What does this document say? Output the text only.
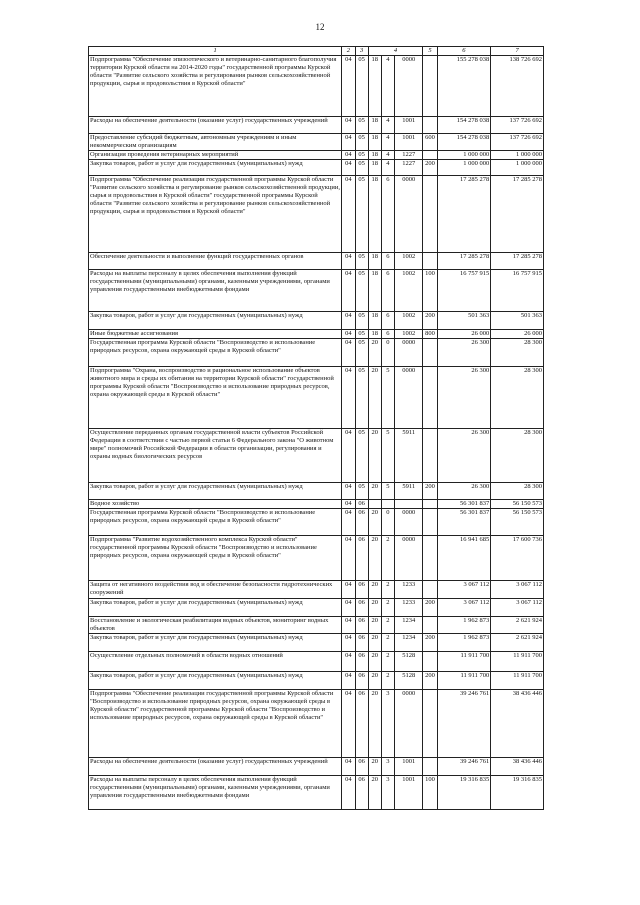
12
1	2	3	4			5	6	7
Подпрограмма "Обеспечение эпизоотического и ветеринарно-санитарного благополучия территории Курской области на 2014-2020 годы" государственной программы Курской области "Развитие сельского хозяйства и регулирования рынков сельскохозяйственной продукции, сырья и продовольствия в Курской области"	04	05	18	4	0000		155 278 038	138 726 692
Расходы на обеспечение деятельности (оказание услуг) государственных учреждений	04	05	18	4	1001		154 278 038	137 726 692
Предоставление субсидий бюджетным, автономным учреждениям и иным некоммерческим организациям	04	05	18	4	1001	600	154 278 038	137 726 692
Организация проведения ветеринарных мероприятий	04	05	18	4	1227		1 000 000	1 000 000
Закупка товаров, работ и услуг для государственных (муниципальных) нужд	04	05	18	4	1227	200	1 000 000	1 000 000
Подпрограмма "Обеспечение реализации государственной программы Курской области "Развитие сельского хозяйства и регулирование рынков сельскохозяйственной продукции, сырья и продовольствия в Курской области" государственной программы Курской области "Развитие сельского хозяйства и регулирование рынков сельскохозяйственной продукции, сырья и продовольствия в Курской области"	04	05	18	6	0000		17 285 278	17 285 278
Обеспечение деятельности и выполнение функций государственных органов	04	05	18	6	1002		17 285 278	17 285 278
Расходы на выплаты персоналу в целях обеспечения выполнения функций государственными (муниципальными) органами, казенными учреждениями, органами управления государственными внебюджетными фондами	04	05	18	6	1002	100	16 757 915	16 757 915
Закупка товаров, работ и услуг для государственных (муниципальных) нужд	04	05	18	6	1002	200	501 363	501 363
Иные бюджетные ассигнования	04	05	18	6	1002	800	26 000	26 000
Государственная программа Курской области "Воспроизводство и использование природных ресурсов, охрана окружающей среды в Курской области"	04	05	20	0	0000		26 300	28 300
Подпрограмма "Охрана, воспроизводство и рациональное использование объектов животного мира и среды их обитания на территории Курской области" государственной программы Курской области "Воспроизводство и использование природных ресурсов, охрана окружающей среды в Курской области"	04	05	20	5	0000		26 300	28 300
Осуществление переданных органам государственной власти субъектов Российской Федерации в соответствии с частью первой статьи 6 Федерального закона "О животном мире" полномочий Российской Федерации в области организации, регулирования и охраны водных биологических ресурсов	04	05	20	5	5911		26 300	28 300
Закупка товаров, работ и услуг для государственных (муниципальных) нужд	04	05	20	5	5911	200	26 300	28 300
Водное хозяйство	04	06					56 301 837	56 150 573
Государственная программа Курской области "Воспроизводство и использование природных ресурсов, охрана окружающей среды в Курской области"	04	06	20	0	0000		56 301 837	56 150 573
Подпрограмма "Развитие водохозяйственного комплекса Курской области" государственной программы Курской области "Воспроизводство и использование природных ресурсов, охрана окружающей среды в Курской области"	04	06	20	2	0000		16 941 685	17 600 736
Защита от негативного воздействия вод и обеспечение безопасности гидротехнических сооружений	04	06	20	2	1233		3 067 112	3 067 112
Закупка товаров, работ и услуг для государственных (муниципальных) нужд	04	06	20	2	1233	200	3 067 112	3 067 112
Восстановление и экологическая реабилитация водных объектов, мониторинг водных объектов	04	06	20	2	1234		1 962 873	2 621 924
Закупка товаров, работ и услуг для государственных (муниципальных) нужд	04	06	20	2	1234	200	1 962 873	2 621 924
Осуществление отдельных полномочий в области водных отношений	04	06	20	2	5128		11 911 700	11 911 700
Закупка товаров, работ и услуг для государственных (муниципальных) нужд	04	06	20	2	5128	200	11 911 700	11 911 700
Подпрограмма "Обеспечение реализации государственной программы Курской области "Воспроизводство и использование природных ресурсов, охрана окружающей среды в Курской области" государственной программы Курской области "Воспроизводство и использование природных ресурсов, охрана окружающей среды в Курской области"	04	06	20	3	0000		39 246 761	38 436 446
Расходы на обеспечение деятельности (оказание услуг) государственных учреждений	04	06	20	3	1001		39 246 761	38 436 446
Расходы на выплаты персоналу в целях обеспечения выполнения функций государственными (муниципальными) органами, казенными учреждениями, органами управления государственными внебюджетными фондами	04	06	20	3	1001	100	19 316 835	19 316 835
